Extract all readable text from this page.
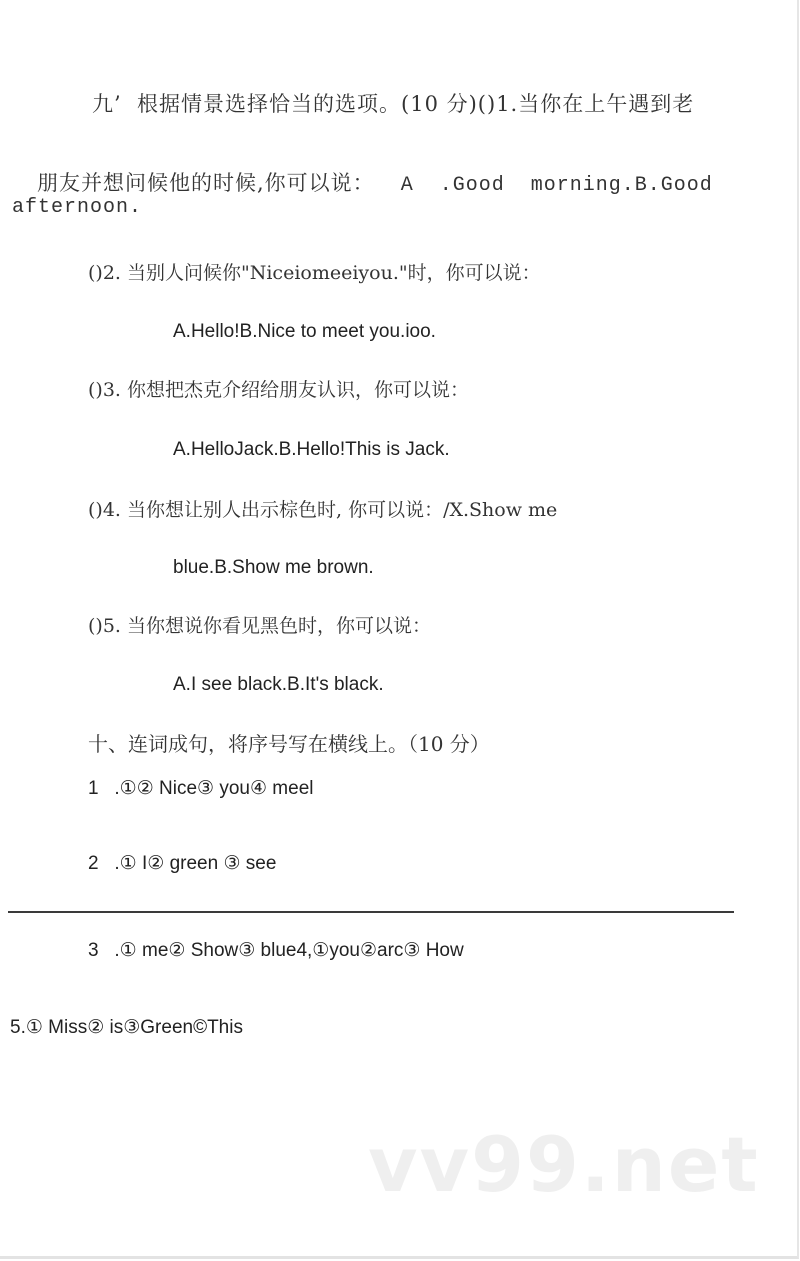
九’  根据情景选择恰当的选项。(10 分)()1.当你在上午遇到老

朋友并想问候他的时候,你可以说：  A  .Good  morning.B.Good

afternoon.
()2. 当别人问候你"Niceiomeeiyou."时，你可以说：
A.Hello!B.Nice to meet you.ioo.
()3. 你想把杰克介绍给朋友认识，你可以说：
A.HelloJack.B.Hello!This is Jack.
()4. 当你想让别人出示棕色时, 你可以说：/X.Show me
blue.B.Show me brown.
()5. 当你想说你看见黑色时，你可以说：
A.I see black.B.It's black.
十、连词成句，将序号写在横线上。（10 分）
1   .①② Nice③ you④ meel
2   .① I② green ③ see
3   .① me② Show③ blue4,①you②arc③ How
5.① Miss② is③Green©This
vv99.net
